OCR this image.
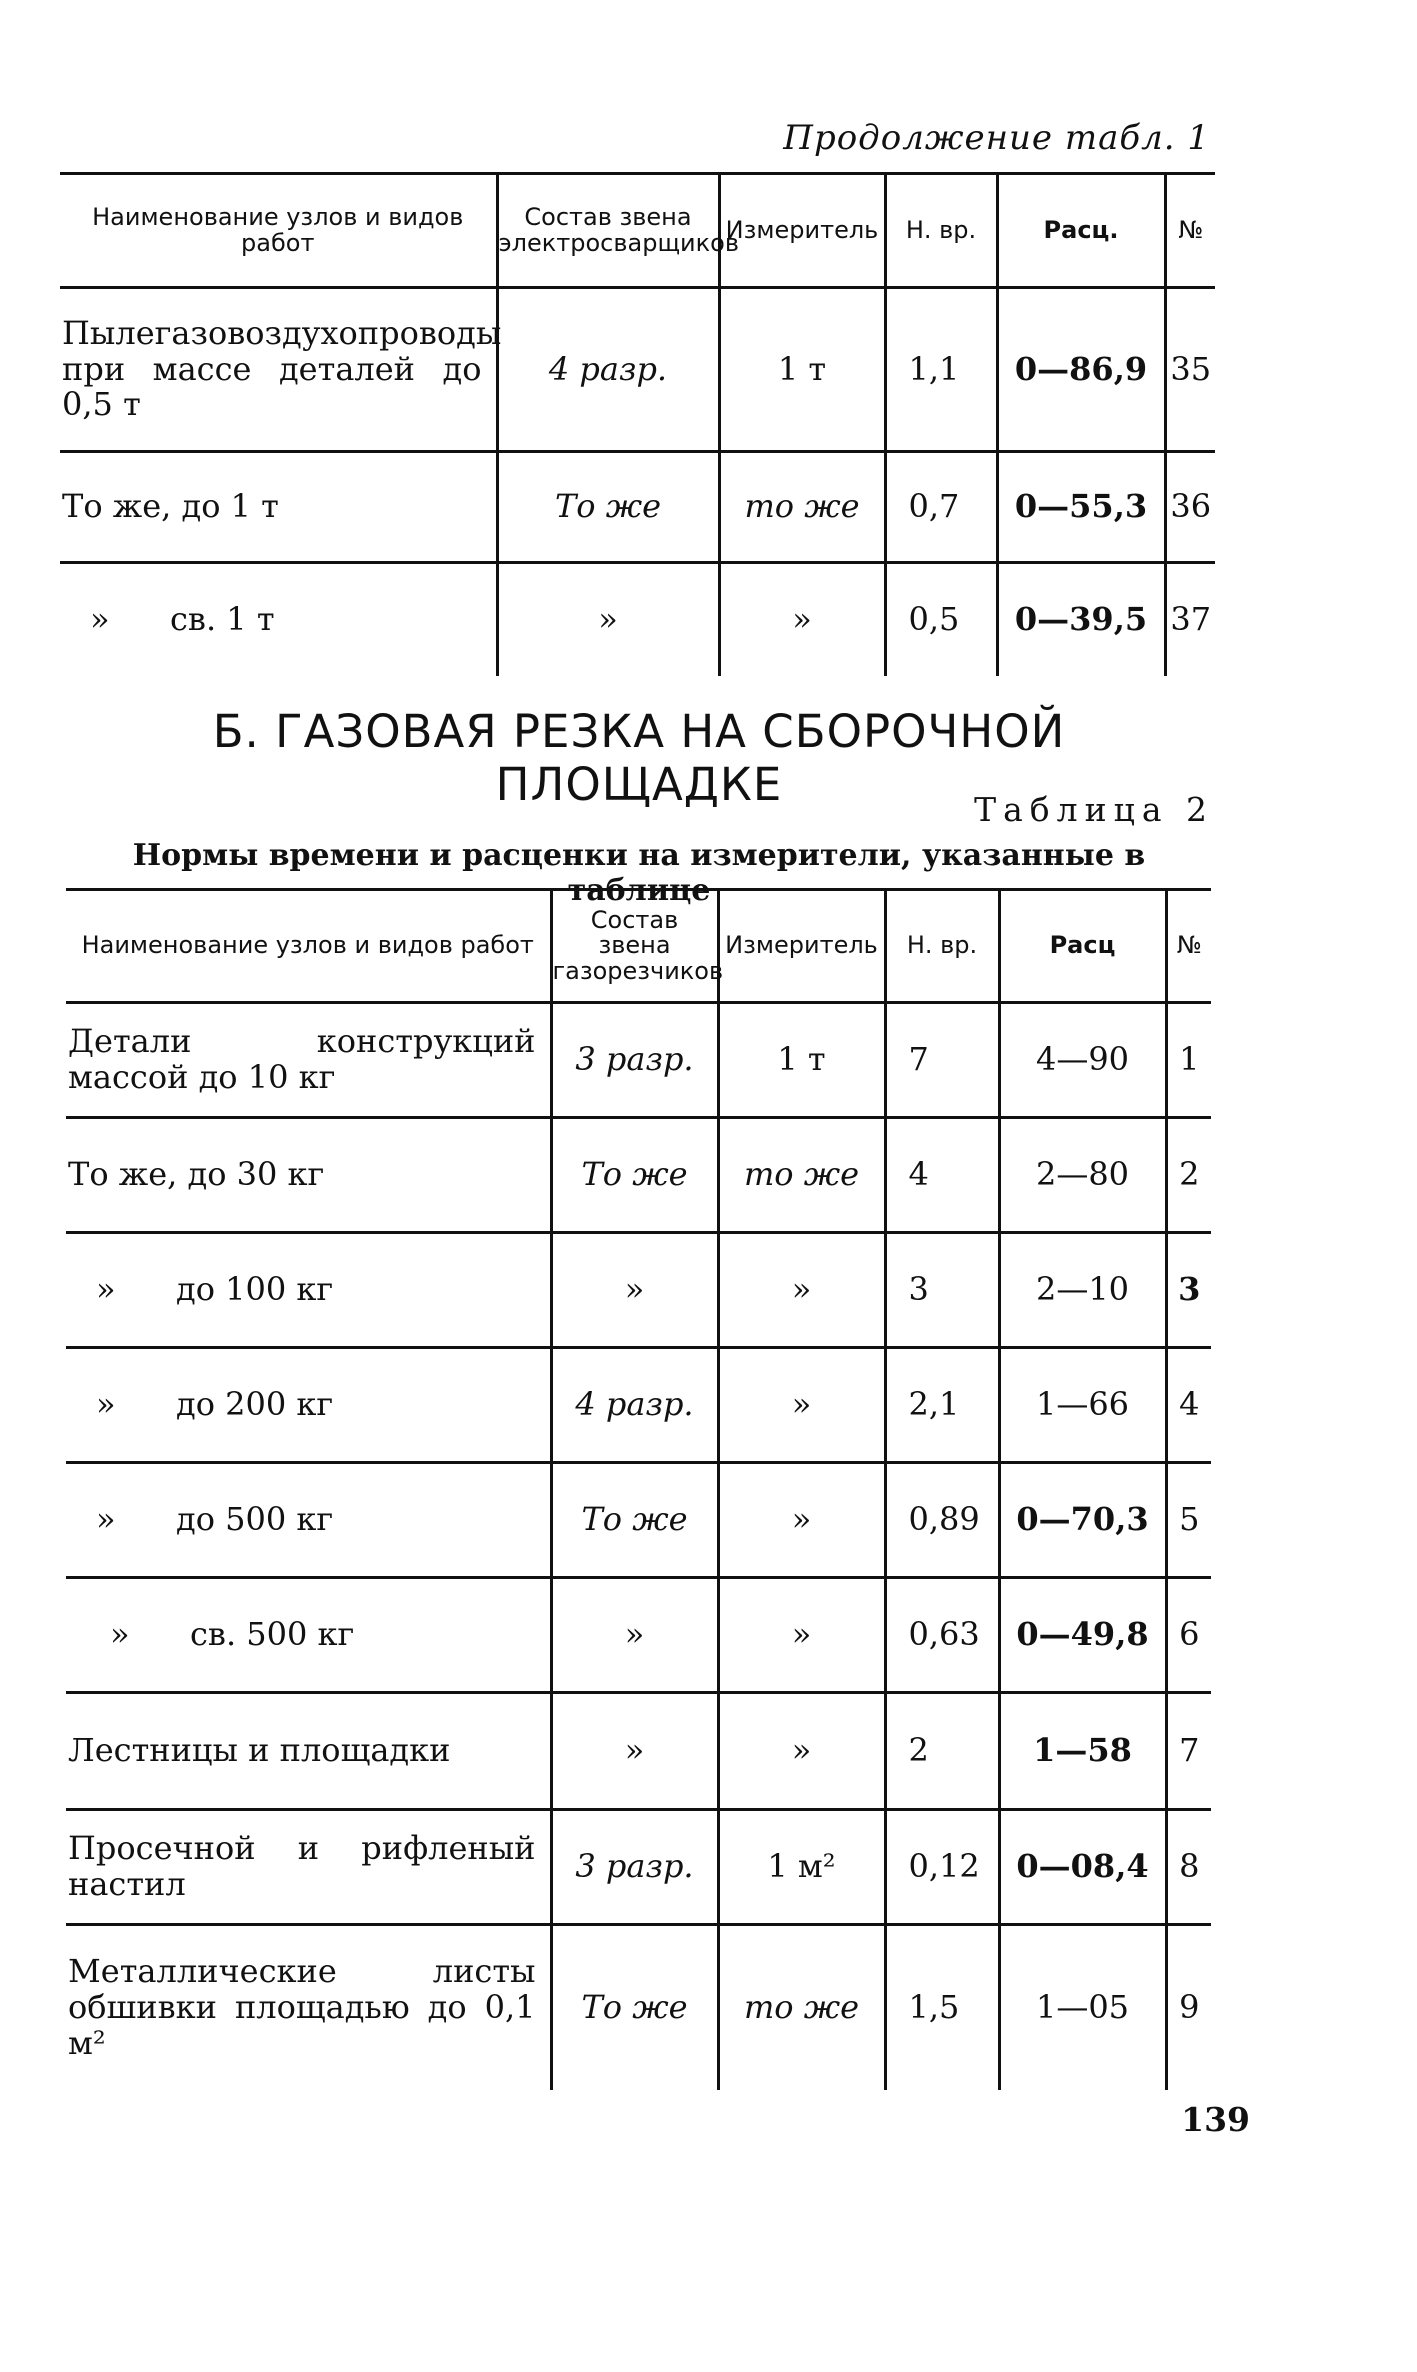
Продолжение табл. 1
Наименование узлов и видов работ	Состав звена электросварщиков	Измеритель	Н. вр.	Расц.	№
Пылегазовоздухопроводы при массе деталей до 0,5 т	4 разр.	1 т	1,1	0—86,9	35
То же, до 1 т	То же	то же	0,7	0—55,3	36
» св. 1 т	»	»	0,5	0—39,5	37
Б. ГАЗОВАЯ РЕЗКА НА СБОРОЧНОЙ ПЛОЩАДКЕ	Таблица 2
Нормы времени и расценки на измерители, указанные в таблице
Наименование узлов и видов работ	Состав звена газорезчиков	Измеритель	Н. вр.	Расц	№
Детали конструкций массой до 10 кг	3 разр.	1 т	7	4—90	1
То же, до 30 кг	То же	то же	4	2—80	2
» до 100 кг	»	»	3	2—10	3
» до 200 кг	4 разр.	»	2,1	1—66	4
» до 500 кг	То же	»	0,89	0—70,3	5
» св. 500 кг	»	»	0,63	0—49,8	6
Лестницы и площадки	»	»	2	1—58	7
Просечной и рифленый настил	3 разр.	1 м²	0,12	0—08,4	8
Металлические листы обшивки площадью до 0,1 м²	То же	то же	1,5	1—05	9
139
